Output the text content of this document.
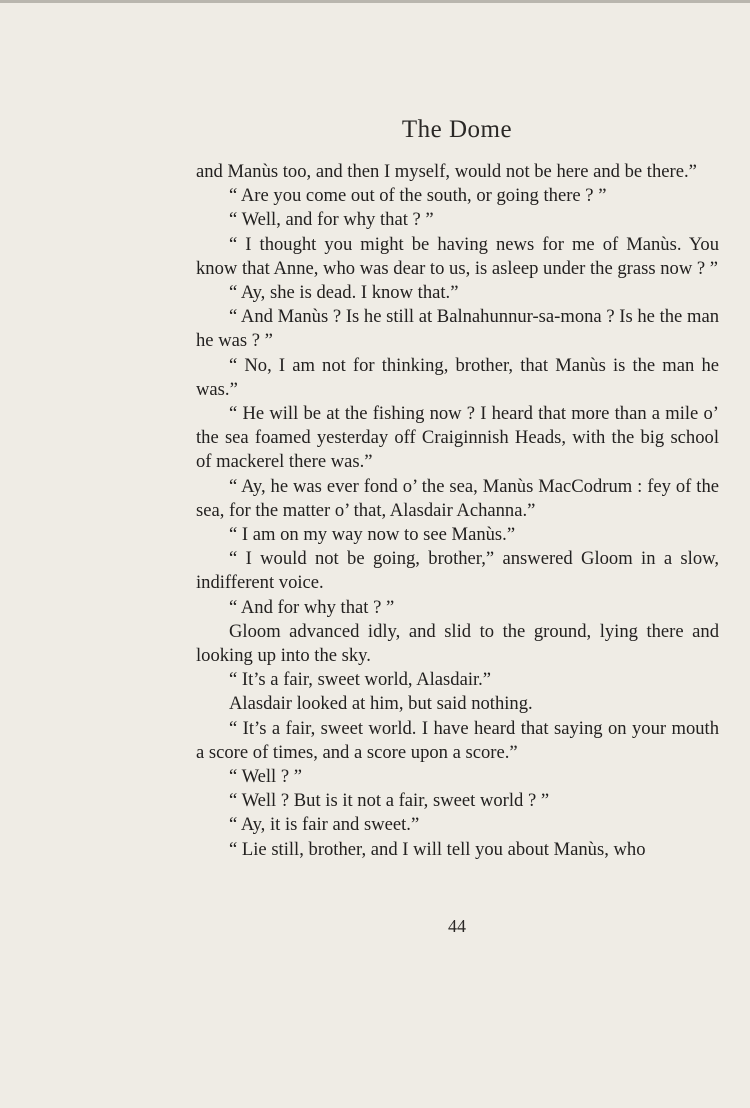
The Dome

and Manùs too, and then I myself, would not be here and be there.”

“ Are you come out of the south, or going there ? ”

“ Well, and for why that ? ”

“ I thought you might be having news for me of Manùs. You know that Anne, who was dear to us, is asleep under the grass now ? ”

“ Ay, she is dead. I know that.”

“ And Manùs ? Is he still at Balnahunnur-sa-mona ? Is he the man he was ? ”

“ No, I am not for thinking, brother, that Manùs is the man he was.”

“ He will be at the fishing now ? I heard that more than a mile o’ the sea foamed yesterday off Craiginnish Heads, with the big school of mackerel there was.”

“ Ay, he was ever fond o’ the sea, Manùs MacCodrum : fey of the sea, for the matter o’ that, Alasdair Achanna.”

“ I am on my way now to see Manùs.”

“ I would not be going, brother,” answered Gloom in a slow, indifferent voice.

“ And for why that ? ”

Gloom advanced idly, and slid to the ground, lying there and looking up into the sky.

“ It’s a fair, sweet world, Alasdair.”

Alasdair looked at him, but said nothing.

“ It’s a fair, sweet world. I have heard that saying on your mouth a score of times, and a score upon a score.”

“ Well ? ”

“ Well ? But is it not a fair, sweet world ? ”

“ Ay, it is fair and sweet.”

“ Lie still, brother, and I will tell you about Manùs, who

44
